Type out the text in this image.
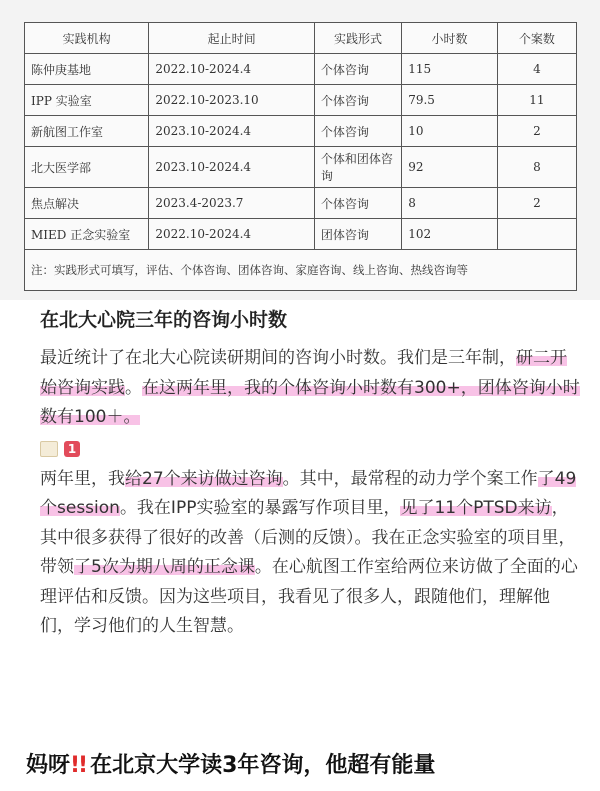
实践机构	起止时间	实践形式	小时数	个案数
陈仲庚基地	2022.10-2024.4	个体咨询	115	4
IPP 实验室	2022.10-2023.10	个体咨询	79.5	11
新航图工作室	2023.10-2024.4	个体咨询	10	2
北大医学部	2023.10-2024.4	个体和团体咨询	92	8
焦点解决	2023.4-2023.7	个体咨询	8	2
MIED 正念实验室	2022.10-2024.4	团体咨询	102	
注：实践形式可填写，评估、个体咨询、团体咨询、家庭咨询、线上咨询、热线咨询等				
在北大心院三年的咨询小时数

最近统计了在北大心院读研期间的咨询小时数。我们是三年制，研二开始咨询实践。在这两年里，我的个体咨询小时数有300+，团体咨询小时数有100＋。

1

两年里，我给27个来访做过咨询。其中，最常程的动力学个案工作了49个session。我在IPP实验室的暴露写作项目里，见了11个PTSD来访，其中很多获得了很好的改善（后测的反馈）。我在正念实验室的项目里，带领了5次为期八周的正念课。在心航图工作室给两位来访做了全面的心理评估和反馈。因为这些项目，我看见了很多人，跟随他们，理解他们，学习他们的人生智慧。

妈呀!! 在北京大学读3年咨询，他超有能量
